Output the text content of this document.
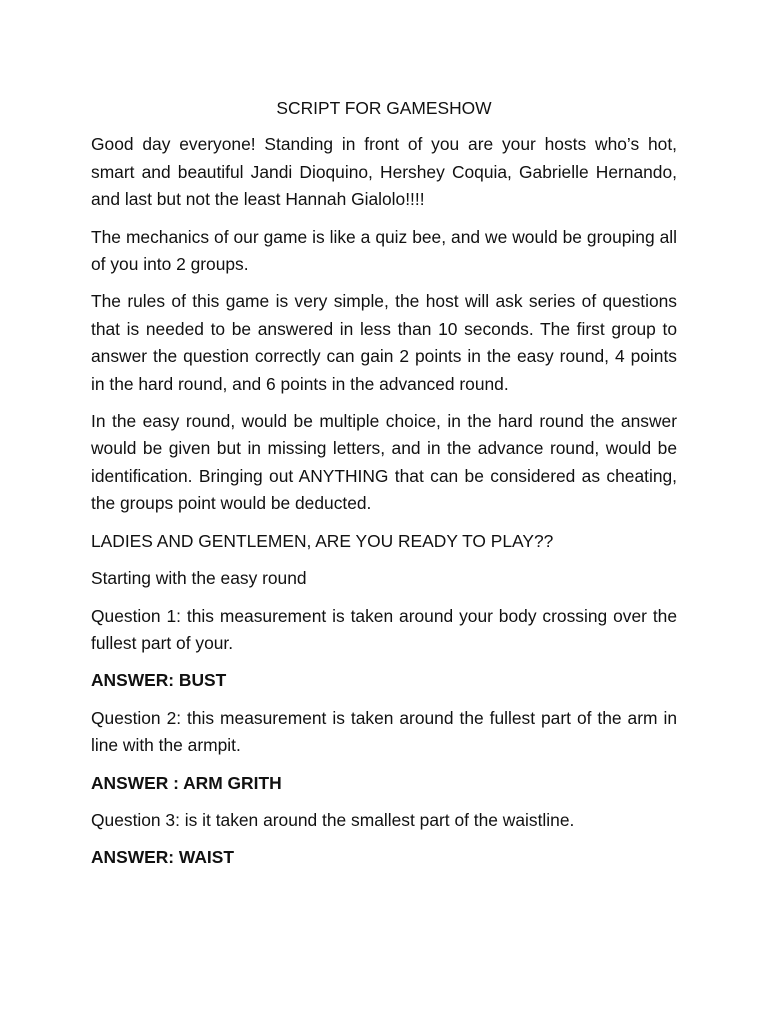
SCRIPT FOR GAMESHOW

Good day everyone! Standing in front of you are your hosts who’s hot, smart and beautiful Jandi Dioquino, Hershey Coquia, Gabrielle Hernando, and last but not the least Hannah Gialolo!!!!

The mechanics of our game is like a quiz bee, and we would be grouping all of you into 2 groups.

The rules of this game is very simple, the host will ask series of questions that is needed to be answered in less than 10 seconds. The first group to answer the question correctly can gain 2 points in the easy round, 4 points in the hard round, and 6 points in the advanced round.

In the easy round, would be multiple choice, in the hard round the answer would be given but in missing letters, and in the advance round, would be identification. Bringing out ANYTHING that can be considered as cheating, the groups point would be deducted.

LADIES AND GENTLEMEN, ARE YOU READY TO PLAY??

Starting with the easy round

Question 1: this measurement is taken around your body crossing over the fullest part of your.

ANSWER: BUST

Question 2: this measurement is taken around the fullest part of the arm in line with the armpit.

ANSWER : ARM GRITH

Question 3: is it taken around the smallest part of the waistline.

ANSWER: WAIST
